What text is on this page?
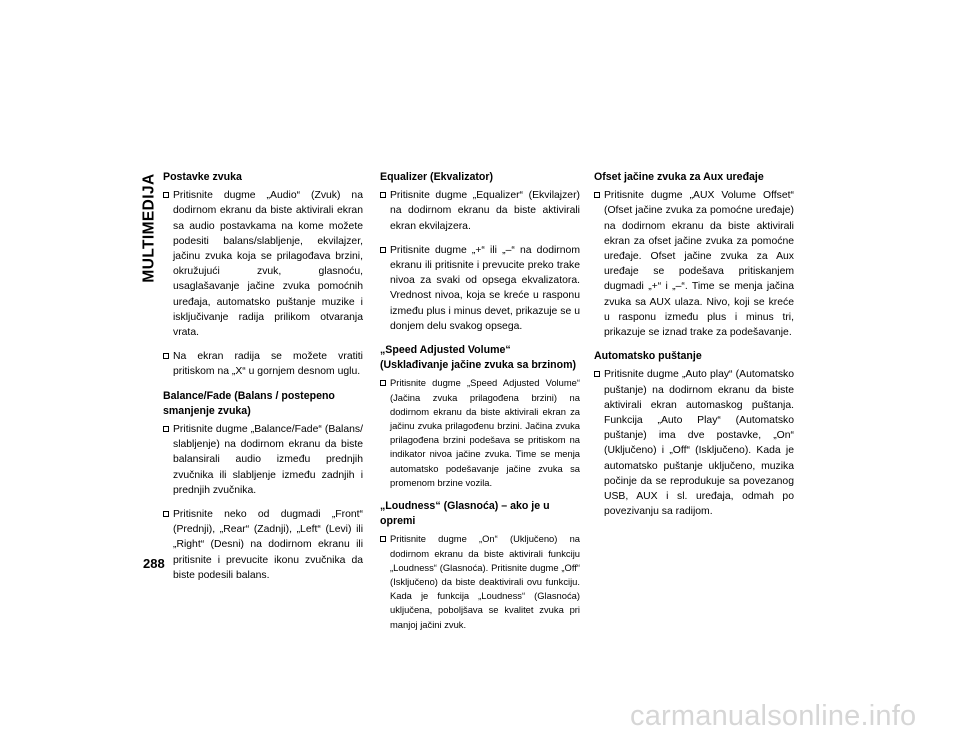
MULTIMEDIJA
288
Postavke zvuka
Pritisnite dugme „Audio“ (Zvuk) na dodirnom ekranu da biste aktivirali ekran sa audio postavkama na kome možete podesiti balans/slabljenje, ekvilajzer, jačinu zvuka koja se prilagođava brzini, okružujući zvuk, glasnoću, usaglašavanje jačine zvuka pomoćnih uređaja, automatsko puštanje muzike i isključivanje radija prilikom otvaranja vrata.
Na ekran radija se možete vratiti pritiskom na „X“ u gornjem desnom uglu.
Balance/Fade (Balans / postepeno smanjenje zvuka)
Pritisnite dugme „Balance/Fade“ (Balans/ slabljenje) na dodirnom ekranu da biste balansirali audio između prednjih zvučnika ili slabljenje između zadnjih i prednjih zvučnika.
Pritisnite neko od dugmadi „Front“ (Prednji), „Rear“ (Zadnji), „Left“ (Levi) ili „Right“ (Desni) na dodirnom ekranu ili pritisnite i prevucite ikonu zvučnika da biste podesili balans.
Equalizer (Ekvalizator)
Pritisnite dugme „Equalizer“ (Ekvilajzer) na dodirnom ekranu da biste aktivirali ekran ekvilajzera.
Pritisnite dugme „+“ ili „–“ na dodirnom ekranu ili pritisnite i prevucite preko trake nivoa za svaki od opsega ekvalizatora. Vrednost nivoa, koja se kreće u rasponu između plus i minus devet, prikazuje se u donjem delu svakog opsega.
„Speed Adjusted Volume“ (Usklađivanje jačine zvuka sa brzinom)
Pritisnite dugme „Speed Adjusted Volume“ (Jačina zvuka prilagođena brzini) na dodirnom ekranu da biste aktivirali ekran za jačinu zvuka prilagođenu brzini. Jačina zvuka prilagođena brzini podešava se pritiskom na indikator nivoa jačine zvuka. Time se menja automatsko podešavanje jačine zvuka sa promenom brzine vozila.
„Loudness“ (Glasnoća) – ako je u opremi
Pritisnite dugme „On“ (Uključeno) na dodirnom ekranu da biste aktivirali funkciju „Loudness“ (Glasnoća). Pritisnite dugme „Off“ (Isključeno) da biste deaktivirali ovu funkciju. Kada je funkcija „Loudness“ (Glasnoća) uključena, poboljšava se kvalitet zvuka pri manjoj jačini zvuk.
Ofset jačine zvuka za Aux uređaje
Pritisnite dugme „AUX Volume Offset“ (Ofset jačine zvuka za pomoćne uređaje) na dodirnom ekranu da biste aktivirali ekran za ofset jačine zvuka za pomoćne uređaje. Ofset jačine zvuka za Aux uređaje se podešava pritiskanjem dugmadi „+“ i „–“. Time se menja jačina zvuka sa AUX ulaza. Nivo, koji se kreće u rasponu između plus i minus tri, prikazuje se iznad trake za podešavanje.
Automatsko puštanje
Pritisnite dugme „Auto play“ (Automatsko puštanje) na dodirnom ekranu da biste aktivirali ekran automaskog puštanja. Funkcija „Auto Play“ (Automatsko puštanje) ima dve postavke, „On“ (Uključeno) i „Off“ (Isključeno). Kada je automatsko puštanje uključeno, muzika počinje da se reprodukuje sa povezanog USB, AUX i sl. uređaja, odmah po povezivanju sa radijom.
carmanualsonline.info
